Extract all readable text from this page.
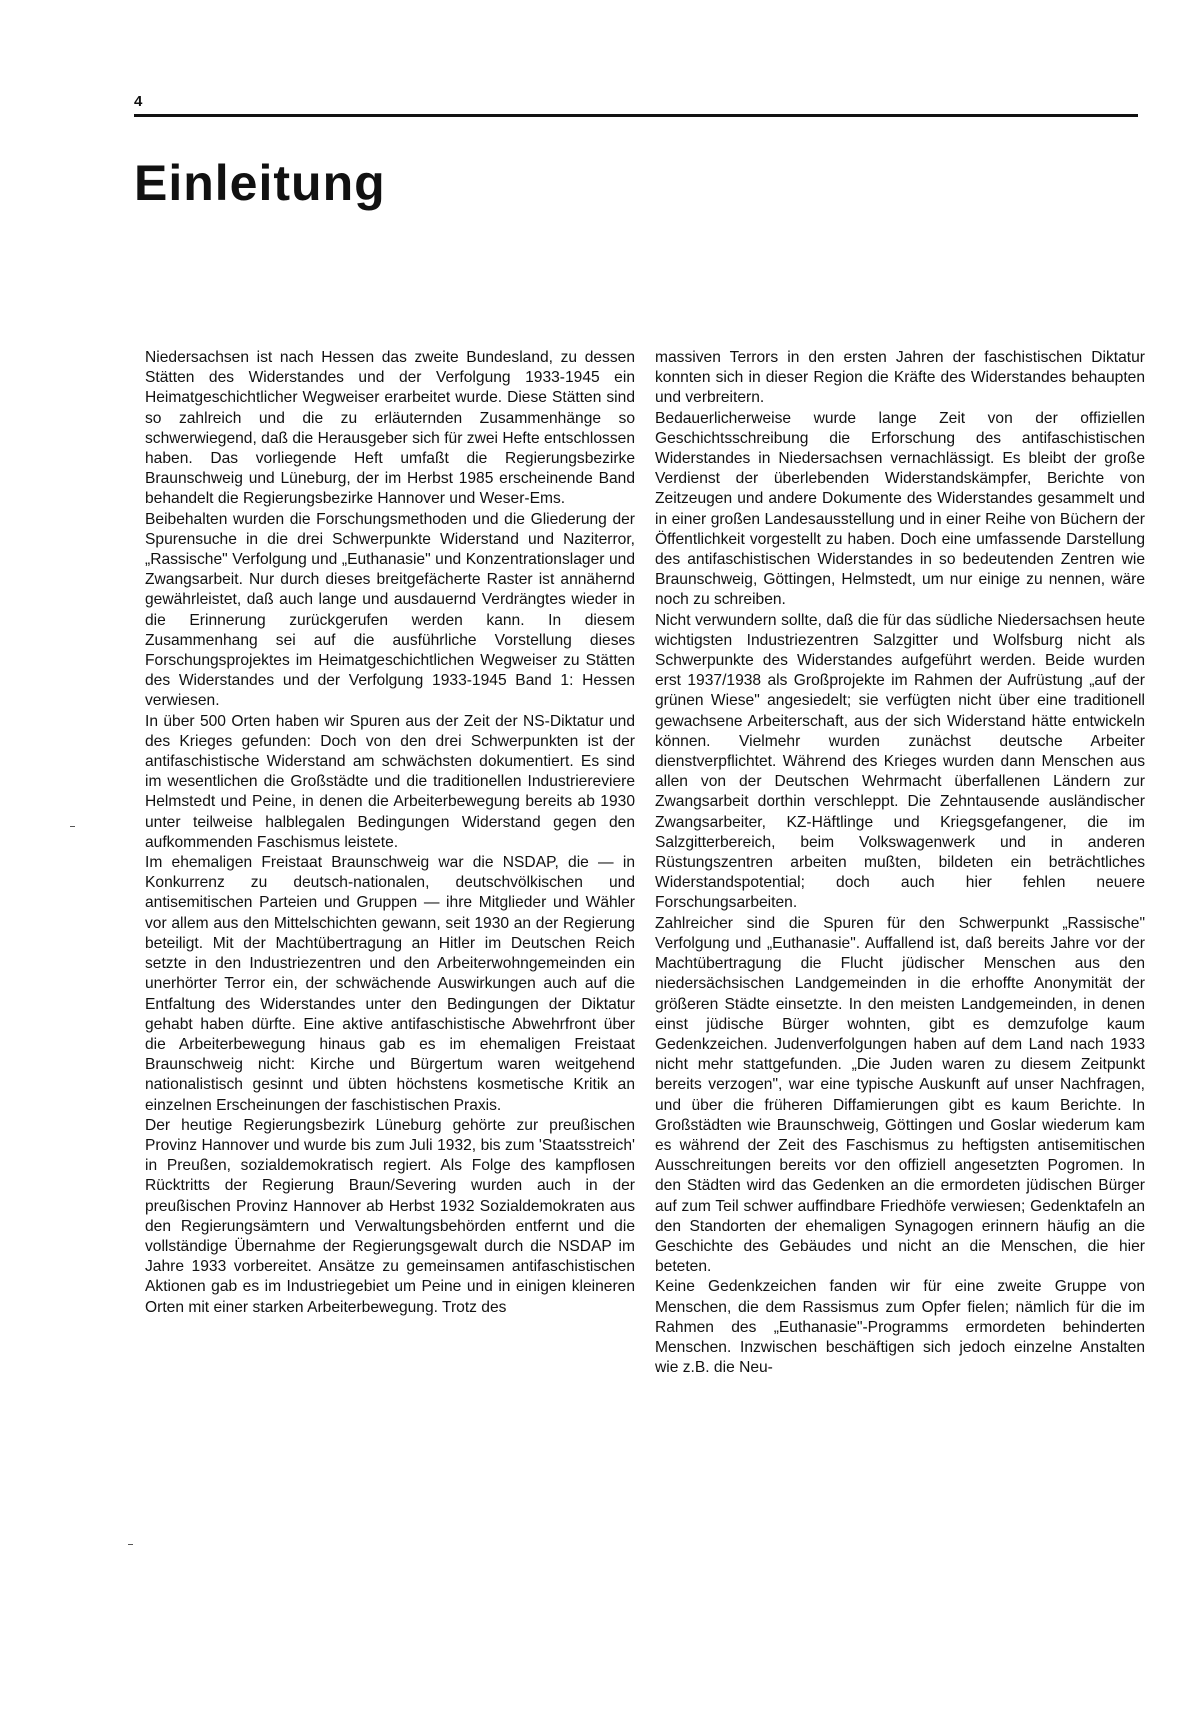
4
Einleitung

Niedersachsen ist nach Hessen das zweite Bundesland, zu dessen Stätten des Widerstandes und der Verfolgung 1933-1945 ein Heimatgeschichtlicher Wegweiser erarbeitet wurde. Diese Stätten sind so zahlreich und die zu erläuternden Zusammenhänge so schwerwiegend, daß die Herausgeber sich für zwei Hefte entschlossen haben. Das vorliegende Heft umfaßt die Regierungsbezirke Braunschweig und Lüneburg, der im Herbst 1985 erscheinende Band behandelt die Regierungsbezirke Hannover und Weser-Ems.

Beibehalten wurden die Forschungsmethoden und die Gliederung der Spurensuche in die drei Schwerpunkte Widerstand und Naziterror, „Rassische" Verfolgung und „Euthanasie" und Konzentrationslager und Zwangsarbeit. Nur durch dieses breitgefächerte Raster ist annähernd gewährleistet, daß auch lange und ausdauernd Verdrängtes wieder in die Erinnerung zurückgerufen werden kann. In diesem Zusammenhang sei auf die ausführliche Vorstellung dieses Forschungsprojektes im Heimatgeschichtlichen Wegweiser zu Stätten des Widerstandes und der Verfolgung 1933-1945 Band 1: Hessen verwiesen.

In über 500 Orten haben wir Spuren aus der Zeit der NS-Diktatur und des Krieges gefunden: Doch von den drei Schwerpunkten ist der antifaschistische Widerstand am schwächsten dokumentiert. Es sind im wesentlichen die Großstädte und die traditionellen Industriereviere Helmstedt und Peine, in denen die Arbeiterbewegung bereits ab 1930 unter teilweise halblegalen Bedingungen Widerstand gegen den aufkommenden Faschismus leistete.

Im ehemaligen Freistaat Braunschweig war die NSDAP, die — in Konkurrenz zu deutsch-nationalen, deutschvölkischen und antisemitischen Parteien und Gruppen — ihre Mitglieder und Wähler vor allem aus den Mittelschichten gewann, seit 1930 an der Regierung beteiligt. Mit der Machtübertragung an Hitler im Deutschen Reich setzte in den Industriezentren und den Arbeiterwohngemeinden ein unerhörter Terror ein, der schwächende Auswirkungen auch auf die Entfaltung des Widerstandes unter den Bedingungen der Diktatur gehabt haben dürfte. Eine aktive antifaschistische Abwehrfront über die Arbeiterbewegung hinaus gab es im ehemaligen Freistaat Braunschweig nicht: Kirche und Bürgertum waren weitgehend nationalistisch gesinnt und übten höchstens kosmetische Kritik an einzelnen Erscheinungen der faschistischen Praxis.

Der heutige Regierungsbezirk Lüneburg gehörte zur preußischen Provinz Hannover und wurde bis zum Juli 1932, bis zum 'Staatsstreich' in Preußen, sozialdemokratisch regiert. Als Folge des kampflosen Rücktritts der Regierung Braun/Severing wurden auch in der preußischen Provinz Hannover ab Herbst 1932 Sozialdemokraten aus den Regierungsämtern und Verwaltungsbehörden entfernt und die vollständige Übernahme der Regierungsgewalt durch die NSDAP im Jahre 1933 vorbereitet. Ansätze zu gemeinsamen antifaschistischen Aktionen gab es im Industriegebiet um Peine und in einigen kleineren Orten mit einer starken Arbeiterbewegung. Trotz des

massiven Terrors in den ersten Jahren der faschistischen Diktatur konnten sich in dieser Region die Kräfte des Widerstandes behaupten und verbreitern.

Bedauerlicherweise wurde lange Zeit von der offiziellen Geschichtsschreibung die Erforschung des antifaschistischen Widerstandes in Niedersachsen vernachlässigt. Es bleibt der große Verdienst der überlebenden Widerstandskämpfer, Berichte von Zeitzeugen und andere Dokumente des Widerstandes gesammelt und in einer großen Landesausstellung und in einer Reihe von Büchern der Öffentlichkeit vorgestellt zu haben. Doch eine umfassende Darstellung des antifaschistischen Widerstandes in so bedeutenden Zentren wie Braunschweig, Göttingen, Helmstedt, um nur einige zu nennen, wäre noch zu schreiben.

Nicht verwundern sollte, daß die für das südliche Niedersachsen heute wichtigsten Industriezentren Salzgitter und Wolfsburg nicht als Schwerpunkte des Widerstandes aufgeführt werden. Beide wurden erst 1937/1938 als Großprojekte im Rahmen der Aufrüstung „auf der grünen Wiese" angesiedelt; sie verfügten nicht über eine traditionell gewachsene Arbeiterschaft, aus der sich Widerstand hätte entwickeln können. Vielmehr wurden zunächst deutsche Arbeiter dienstverpflichtet. Während des Krieges wurden dann Menschen aus allen von der Deutschen Wehrmacht überfallenen Ländern zur Zwangsarbeit dorthin verschleppt. Die Zehntausende ausländischer Zwangsarbeiter, KZ-Häftlinge und Kriegsgefangener, die im Salzgitterbereich, beim Volkswagenwerk und in anderen Rüstungszentren arbeiten mußten, bildeten ein beträchtliches Widerstandspotential; doch auch hier fehlen neuere Forschungsarbeiten.

Zahlreicher sind die Spuren für den Schwerpunkt „Rassische" Verfolgung und „Euthanasie". Auffallend ist, daß bereits Jahre vor der Machtübertragung die Flucht jüdischer Menschen aus den niedersächsischen Landgemeinden in die erhoffte Anonymität der größeren Städte einsetzte. In den meisten Landgemeinden, in denen einst jüdische Bürger wohnten, gibt es demzufolge kaum Gedenkzeichen. Judenverfolgungen haben auf dem Land nach 1933 nicht mehr stattgefunden. „Die Juden waren zu diesem Zeitpunkt bereits verzogen", war eine typische Auskunft auf unser Nachfragen, und über die früheren Diffamierungen gibt es kaum Berichte. In Großstädten wie Braunschweig, Göttingen und Goslar wiederum kam es während der Zeit des Faschismus zu heftigsten antisemitischen Ausschreitungen bereits vor den offiziell angesetzten Pogromen. In den Städten wird das Gedenken an die ermordeten jüdischen Bürger auf zum Teil schwer auffindbare Friedhöfe verwiesen; Gedenktafeln an den Standorten der ehemaligen Synagogen erinnern häufig an die Geschichte des Gebäudes und nicht an die Menschen, die hier beteten.

Keine Gedenkzeichen fanden wir für eine zweite Gruppe von Menschen, die dem Rassismus zum Opfer fielen; nämlich für die im Rahmen des „Euthanasie"-Programms ermordeten behinderten Menschen. Inzwischen beschäftigen sich jedoch einzelne Anstalten wie z.B. die Neu-
